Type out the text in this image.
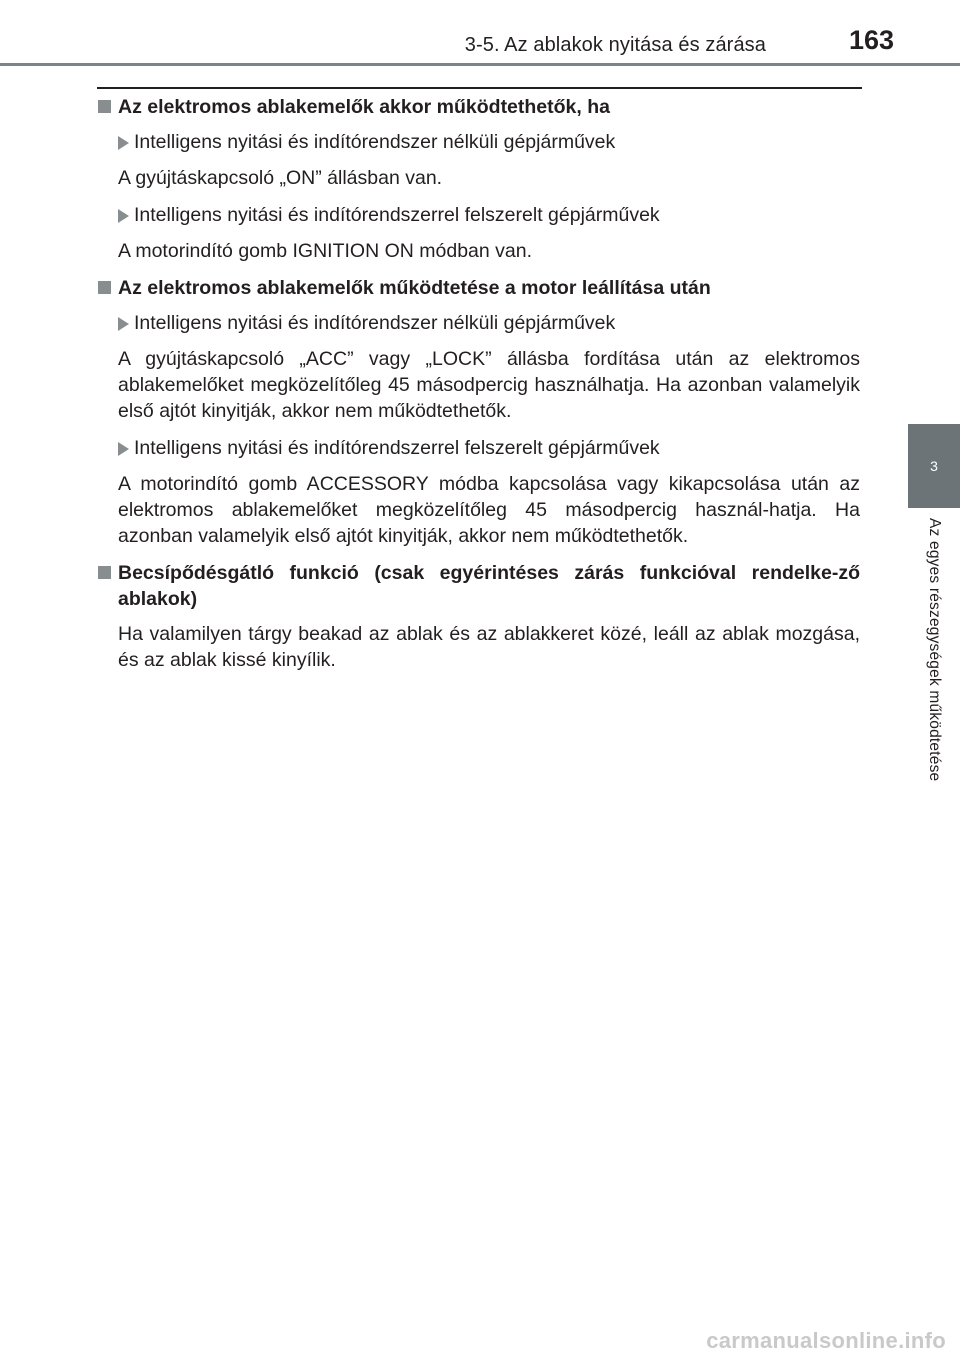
3-5. Az ablakok nyitása és zárása	163
3
Az egyes részegységek működtetése
Az elektromos ablakemelők akkor működtethetők, ha
Intelligens nyitási és indítórendszer nélküli gépjárművek
A gyújtáskapcsoló „ON” állásban van.
Intelligens nyitási és indítórendszerrel felszerelt gépjárművek
A motorindító gomb IGNITION ON módban van.
Az elektromos ablakemelők működtetése a motor leállítása után
Intelligens nyitási és indítórendszer nélküli gépjárművek
A gyújtáskapcsoló „ACC” vagy „LOCK” állásba fordítása után az elektromos ablakemelőket megközelítőleg 45 másodpercig használhatja. Ha azonban valamelyik első ajtót kinyitják, akkor nem működtethetők.
Intelligens nyitási és indítórendszerrel felszerelt gépjárművek
A motorindító gomb ACCESSORY módba kapcsolása vagy kikapcsolása után az elektromos ablakemelőket megközelítőleg 45 másodpercig használ-hatja. Ha azonban valamelyik első ajtót kinyitják, akkor nem működtethetők.
Becsípődésgátló funkció (csak egyérintéses zárás funkcióval rendelke-ző ablakok)
Ha valamilyen tárgy beakad az ablak és az ablakkeret közé, leáll az ablak mozgása, és az ablak kissé kinyílik.
carmanualsonline.info
